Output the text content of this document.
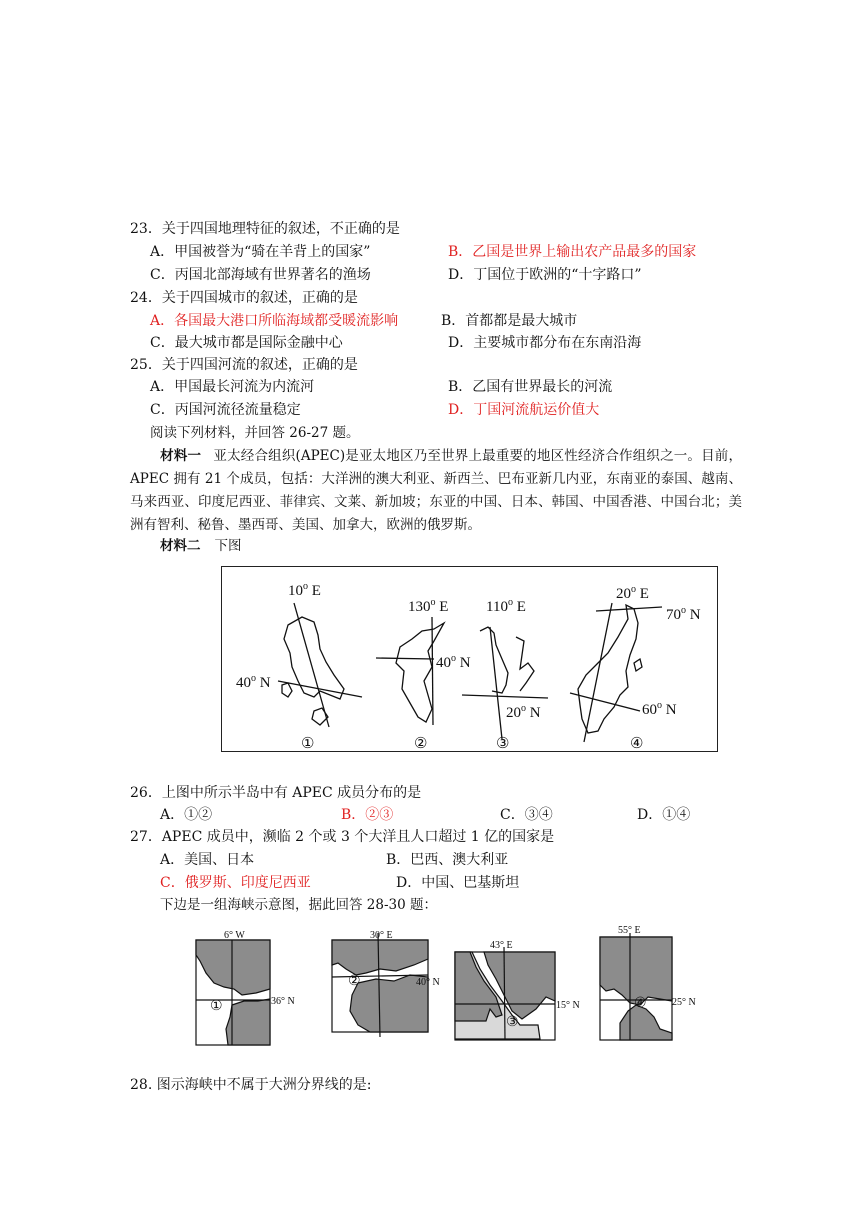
23．关于四国地理特征的叙述，不正确的是
A．甲国被誉为“骑在羊背上的国家”	B．乙国是世界上输出农产品最多的国家
C．丙国北部海域有世界著名的渔场	D．丁国位于欧洲的“十字路口”
24．关于四国城市的叙述，正确的是
A．各国最大港口所临海域都受暖流影响	B．首都都是最大城市
C．最大城市都是国际金融中心	D．主要城市都分布在东南沿海
25．关于四国河流的叙述，正确的是
A．甲国最长河流为内流河	B．乙国有世界最长的河流
C．丙国河流径流量稳定	D．丁国河流航运价值大
阅读下列材料，并回答 26-27 题。
材料一 亚太经合组织(APEC)是亚太地区乃至世界上最重要的地区性经济合作组织之一。目前， APEC 拥有 21 个成员，包括：大洋洲的澳大利亚、新西兰、巴布亚新几内亚，东南亚的泰国、越南、马来西亚、印度尼西亚、菲律宾、文莱、新加坡；东亚的中国、日本、韩国、中国香港、中国台北；美洲有智利、秘鲁、墨西哥、美国、加拿大，欧洲的俄罗斯。
材料二 下图
10$^o$ E
40$^o$ N
①
130$^o$ E
40$^o$ N
②
110$^o$ E
20$^o$ N
③
20$^o$ E
70$^o$ N
60$^o$ N
④
26．上图中所示半岛中有 APEC 成员分布的是
A．①②	B．②③	C．③④	D．①④
27．APEC 成员中，濒临 2 个或 3 个大洋且人口超过 1 亿的国家是
A．美国、日本	B．巴西、澳大利亚
C．俄罗斯、印度尼西亚	D．中国、巴基斯坦
下边是一组海峡示意图，据此回答 28-30 题：
6° W
36° N
①
30° E
40° N
②
43° E
15° N
③
55° E
25° N
④
28. 图示海峡中不属于大洲分界线的是:
